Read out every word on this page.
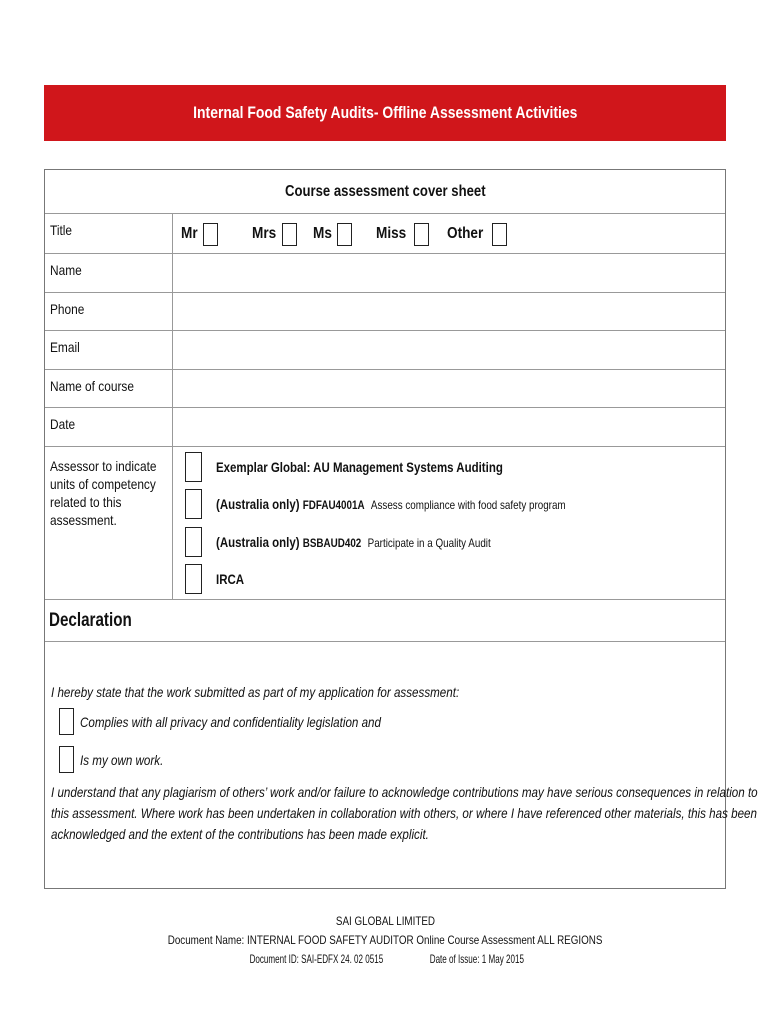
Internal Food Safety Audits- Offline Assessment Activities
Course assessment cover sheet
Title	Mr	Mrs Ms	Miss	Other
Name
Phone
Email
Name of course
Date
Assessor to indicate
units of competency
related to this
assessment.
Exemplar Global: AU Management Systems Auditing
(Australia only) FDFAU4001A Assess compliance with food safety program
(Australia only) BSBAUD402 Participate in a Quality Audit
IRCA
Declaration
I hereby state that the work submitted as part of my application for assessment:
Complies with all privacy and confidentiality legislation and
Is my own work.
I understand that any plagiarism of others’ work and/or failure to acknowledge contributions may have serious consequences in relation to
this assessment. Where work has been undertaken in collaboration with others, or where I have referenced other materials, this has been
acknowledged and the extent of the contributions has been made explicit.
SAI GLOBAL LIMITED
Document Name: INTERNAL FOOD SAFETY AUDITOR Online Course Assessment ALL REGIONS
Document ID: SAI-EDFX 24. 02 0515	Date of Issue: 1 May 2015
